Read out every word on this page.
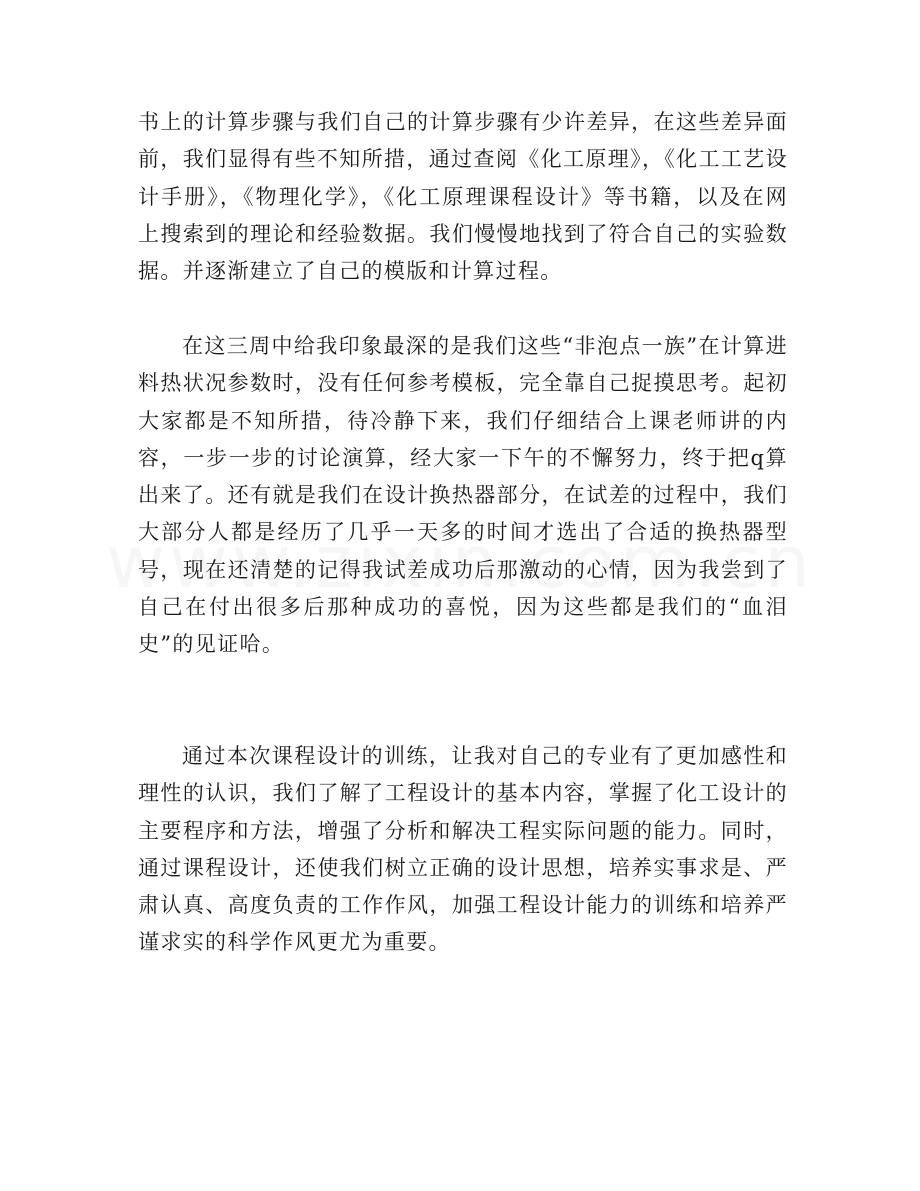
书上的计算步骤与我们自己的计算步骤有少许差异，在这些差异面前，我们显得有些不知所措，通过查阅《化工原理》，《化工工艺设计手册》，《物理化学》，《化工原理课程设计》等书籍，以及在网上搜索到的理论和经验数据。我们慢慢地找到了符合自己的实验数据。并逐渐建立了自己的模版和计算过程。

在这三周中给我印象最深的是我们这些“非泡点一族”在计算进料热状况参数时，没有任何参考模板，完全靠自己捉摸思考。起初大家都是不知所措，待冷静下来，我们仔细结合上课老师讲的内容，一步一步的讨论演算，经大家一下午的不懈努力，终于把q算出来了。还有就是我们在设计换热器部分，在试差的过程中，我们大部分人都是经历了几乎一天多的时间才选出了合适的换热器型号，现在还清楚的记得我试差成功后那激动的心情，因为我尝到了自己在付出很多后那种成功的喜悦，因为这些都是我们的“血泪史”的见证哈。

通过本次课程设计的训练，让我对自己的专业有了更加感性和理性的认识，我们了解了工程设计的基本内容，掌握了化工设计的主要程序和方法，增强了分析和解决工程实际问题的能力。同时，通过课程设计，还使我们树立正确的设计思想，培养实事求是、严肃认真、高度负责的工作作风，加强工程设计能力的训练和培养严谨求实的科学作风更尤为重要。
